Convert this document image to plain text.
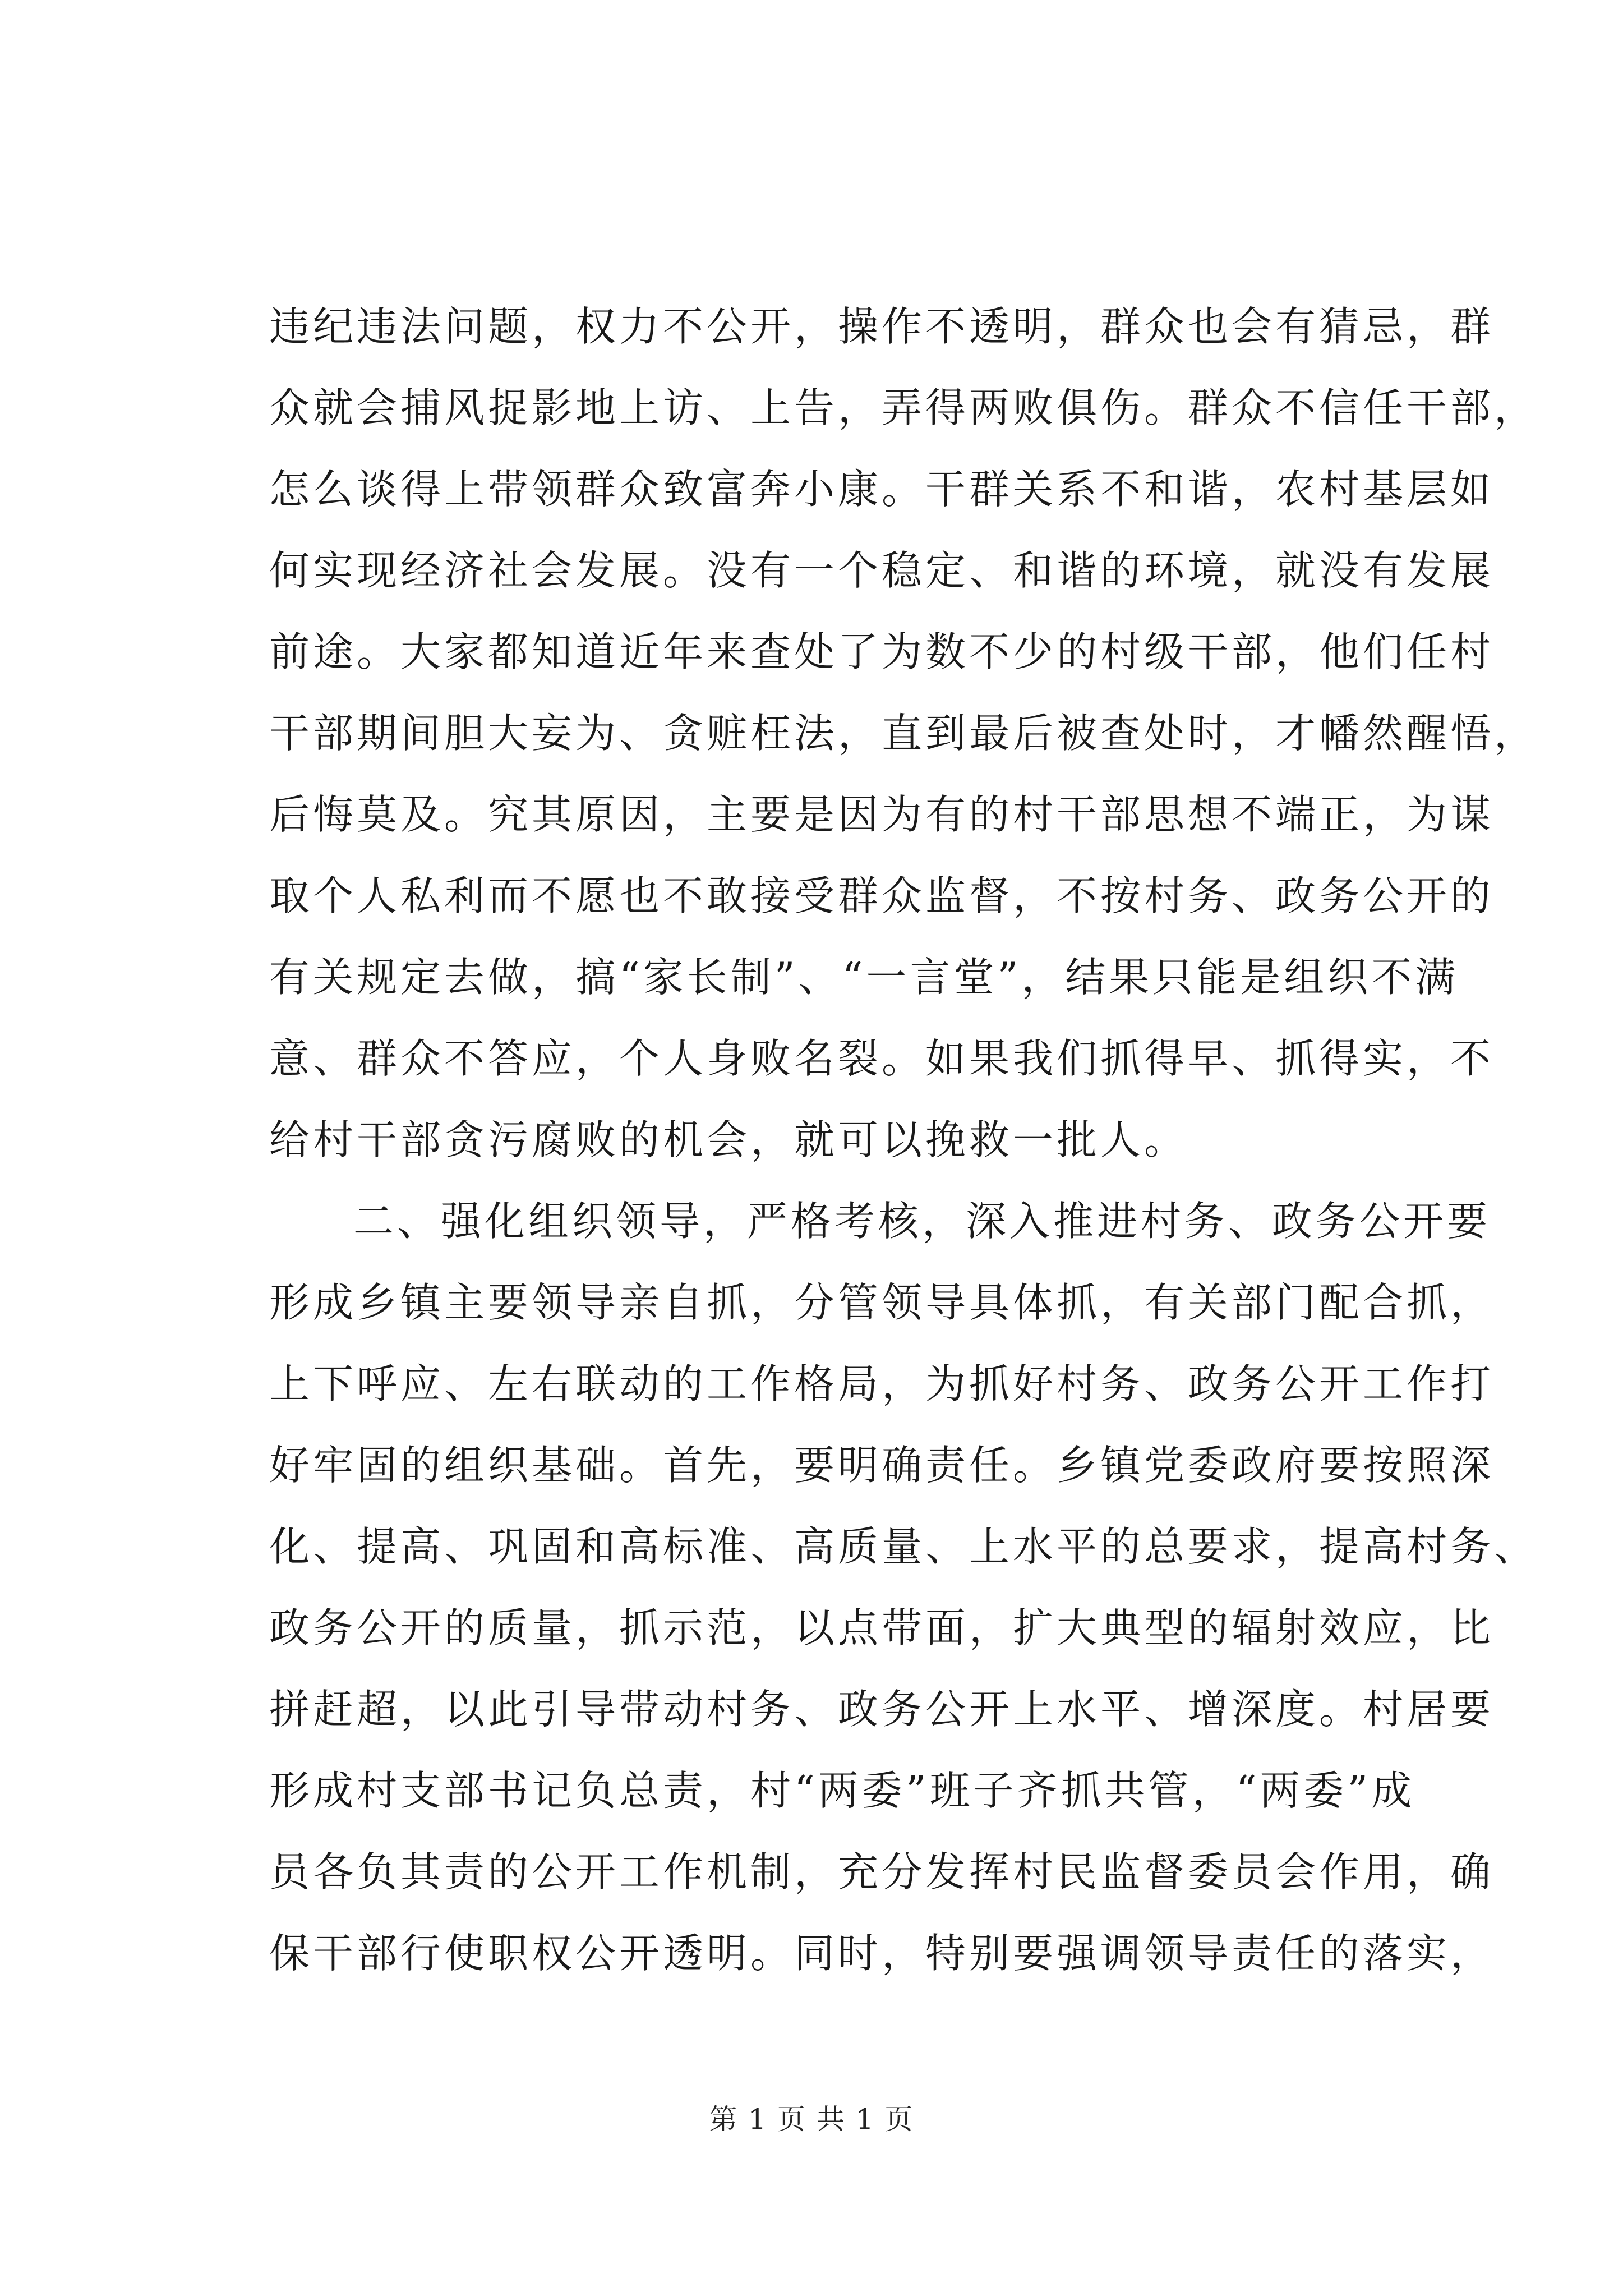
违纪违法问题，权力不公开，操作不透明，群众也会有猜忌，群
众就会捕风捉影地上访、上告，弄得两败俱伤。群众不信任干部，
怎么谈得上带领群众致富奔小康。干群关系不和谐，农村基层如
何实现经济社会发展。没有一个稳定、和谐的环境，就没有发展
前途。大家都知道近年来查处了为数不少的村级干部，他们任村
干部期间胆大妄为、贪赃枉法，直到最后被查处时，才幡然醒悟，
后悔莫及。究其原因，主要是因为有的村干部思想不端正，为谋
取个人私利而不愿也不敢接受群众监督，不按村务、政务公开的
有关规定去做，搞“家长制”、“一言堂”，结果只能是组织不满
意、群众不答应，个人身败名裂。如果我们抓得早、抓得实，不
给村干部贪污腐败的机会，就可以挽救一批人。

二、强化组织领导，严格考核，深入推进村务、政务公开要
形成乡镇主要领导亲自抓，分管领导具体抓，有关部门配合抓，
上下呼应、左右联动的工作格局，为抓好村务、政务公开工作打
好牢固的组织基础。首先，要明确责任。乡镇党委政府要按照深
化、提高、巩固和高标准、高质量、上水平的总要求，提高村务、
政务公开的质量，抓示范，以点带面，扩大典型的辐射效应，比
拼赶超，以此引导带动村务、政务公开上水平、增深度。村居要
形成村支部书记负总责，村“两委”班子齐抓共管，“两委”成
员各负其责的公开工作机制，充分发挥村民监督委员会作用，确
保干部行使职权公开透明。同时，特别要强调领导责任的落实，

第 1 页 共 1 页
